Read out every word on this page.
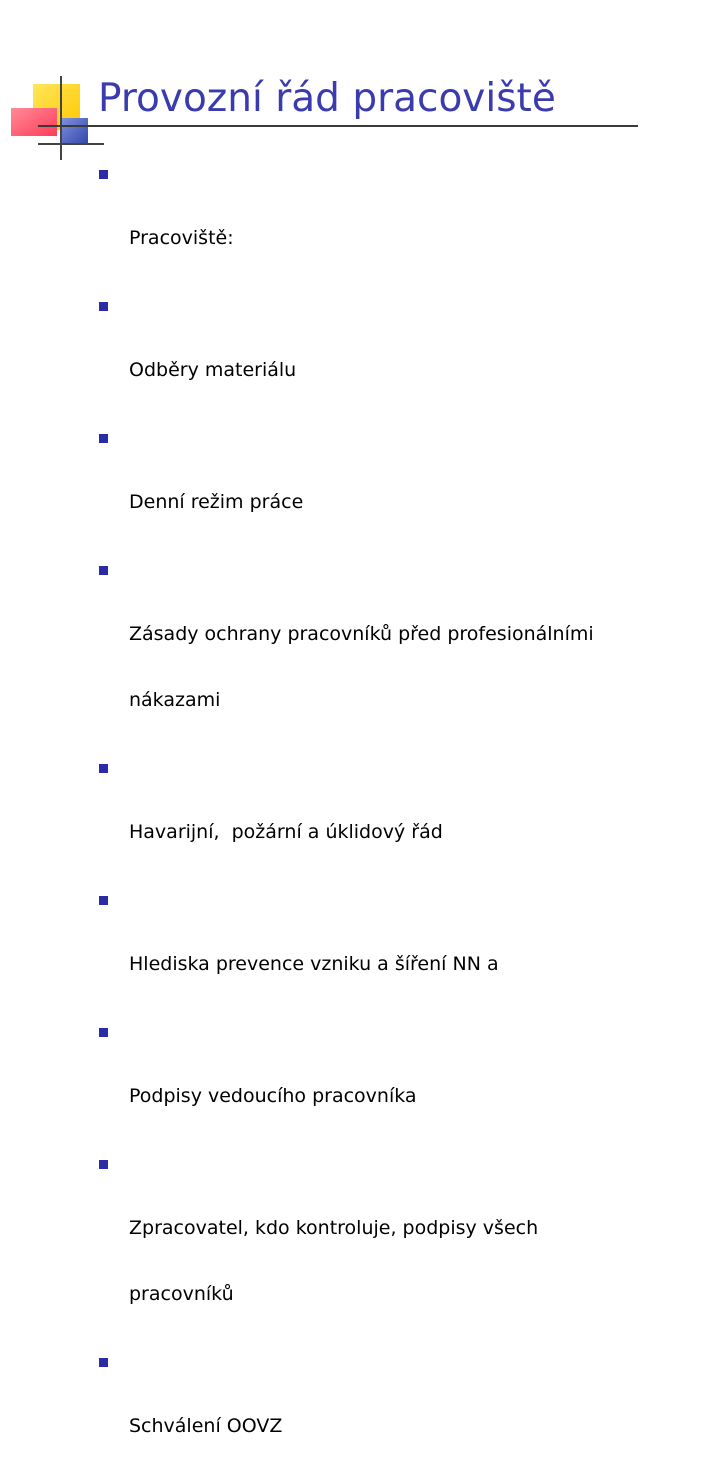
Provozní řád pracoviště

Pracoviště:

Odběry materiálu

Denní režim práce

Zásady ochrany pracovníků před profesionálními

nákazami

Havarijní,  požární a úklidový řád

Hlediska prevence vzniku a šíření NN a

Podpisy vedoucího pracovníka

Zpracovatel, kdo kontroluje, podpisy všech

pracovníků

Schválení OOVZ
